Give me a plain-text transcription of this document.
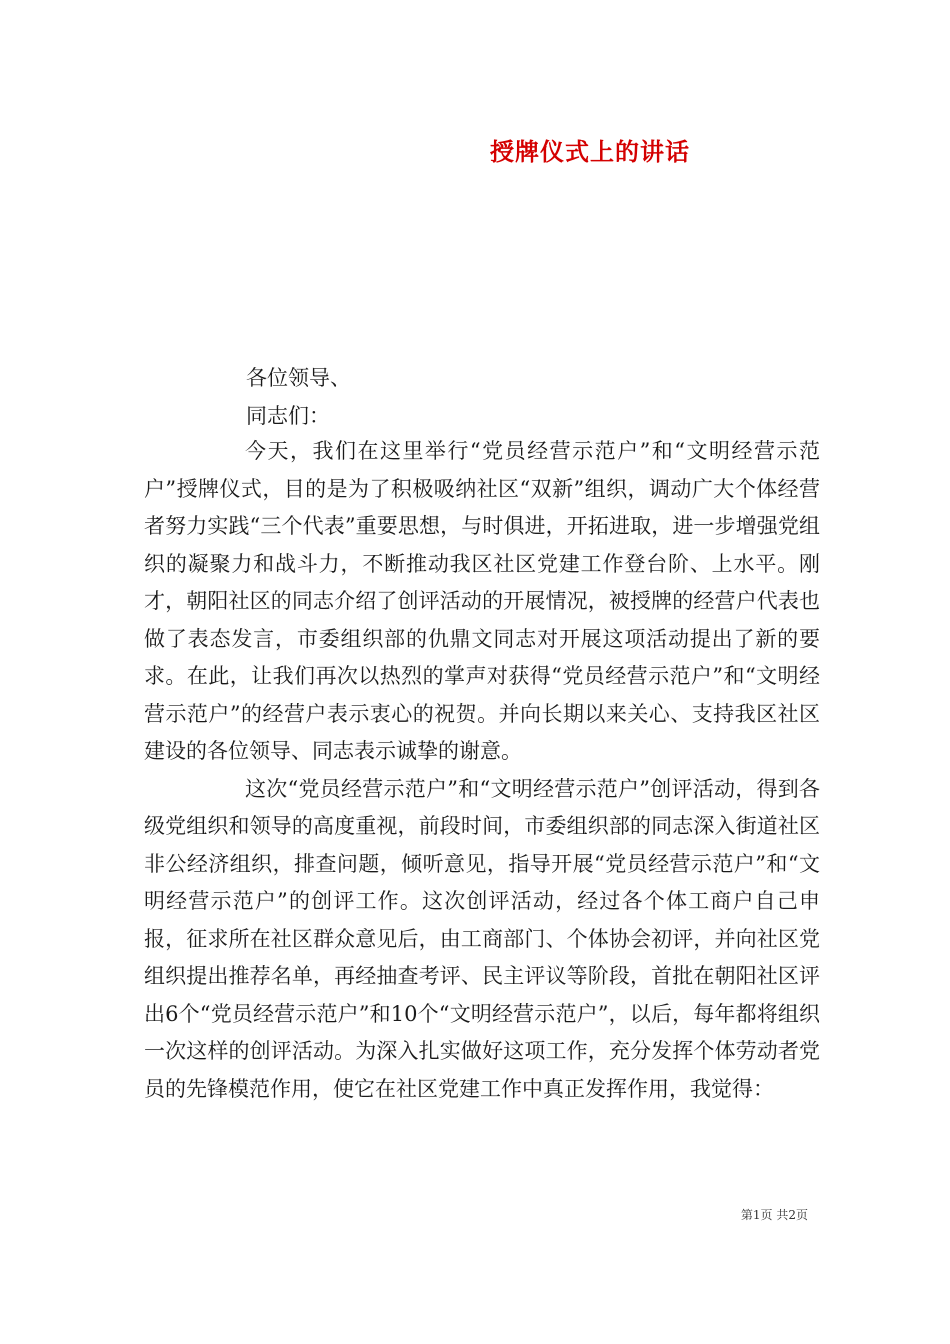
授牌仪式上的讲话
各位领导、
同志们：

今天，我们在这里举行“党员经营示范户”和“文明经营示范户”授牌仪式，目的是为了积极吸纳社区“双新”组织，调动广大个体经营者努力实践“三个代表”重要思想，与时俱进，开拓进取，进一步增强党组织的凝聚力和战斗力，不断推动我区社区党建工作登台阶、上水平。刚才，朝阳社区的同志介绍了创评活动的开展情况，被授牌的经营户代表也做了表态发言，市委组织部的仇鼎文同志对开展这项活动提出了新的要求。在此，让我们再次以热烈的掌声对获得“党员经营示范户”和“文明经营示范户”的经营户表示衷心的祝贺。并向长期以来关心、支持我区社区建设的各位领导、同志表示诚挚的谢意。

这次“党员经营示范户”和“文明经营示范户”创评活动，得到各级党组织和领导的高度重视，前段时间，市委组织部的同志深入街道社区非公经济组织，排查问题，倾听意见，指导开展“党员经营示范户”和“文明经营示范户”的创评工作。这次创评活动，经过各个体工商户自己申报，征求所在社区群众意见后，由工商部门、个体协会初评，并向社区党组织提出推荐名单，再经抽查考评、民主评议等阶段，首批在朝阳社区评出6个“党员经营示范户”和10个“文明经营示范户”，以后，每年都将组织一次这样的创评活动。为深入扎实做好这项工作，充分发挥个体劳动者党员的先锋模范作用，使它在社区党建工作中真正发挥作用，我觉得：

第1页 共2页
